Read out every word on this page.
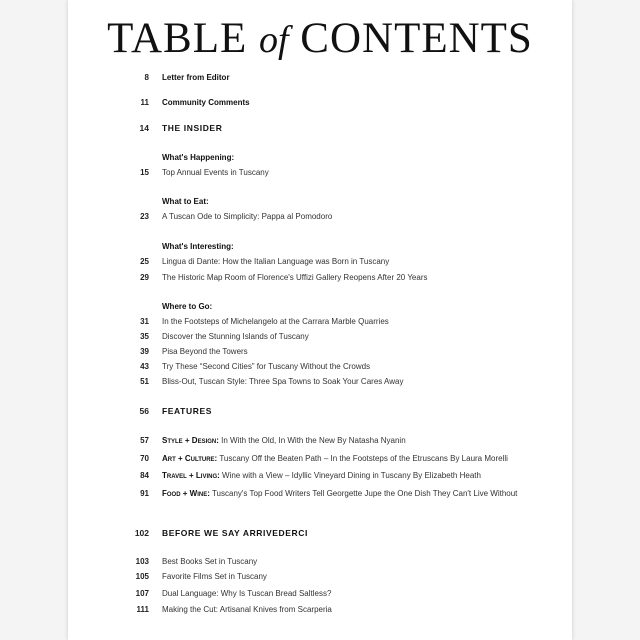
TABLE of CONTENTS
8 Letter from Editor
11 Community Comments
14 THE INSIDER
What's Happening:
15 Top Annual Events in Tuscany
What to Eat:
23 A Tuscan Ode to Simplicity: Pappa al Pomodoro
What's Interesting:
25 Lingua di Dante: How the Italian Language was Born in Tuscany
29 The Historic Map Room of Florence's Uffizi Gallery Reopens After 20 Years
Where to Go:
31 In the Footsteps of Michelangelo at the Carrara Marble Quarries
35 Discover the Stunning Islands of Tuscany
39 Pisa Beyond the Towers
43 Try These “Second Cities” for Tuscany Without the Crowds
51 Bliss-Out, Tuscan Style: Three Spa Towns to Soak Your Cares Away
56 FEATURES
57 Style + Design: In With the Old, In With the New By Natasha Nyanin
70 Art + Culture: Tuscany Off the Beaten Path – In the Footsteps of the Etruscans By Laura Morelli
84 Travel + Living: Wine with a View – Idyllic Vineyard Dining in Tuscany By Elizabeth Heath
91 Food + Wine: Tuscany's Top Food Writers Tell Georgette Jupe the One Dish They Can't Live Without
102 BEFORE WE SAY ARRIVEDERCI
103 Best Books Set in Tuscany
105 Favorite Films Set in Tuscany
107 Dual Language: Why Is Tuscan Bread Saltless?
111 Making the Cut: Artisanal Knives from Scarperia
